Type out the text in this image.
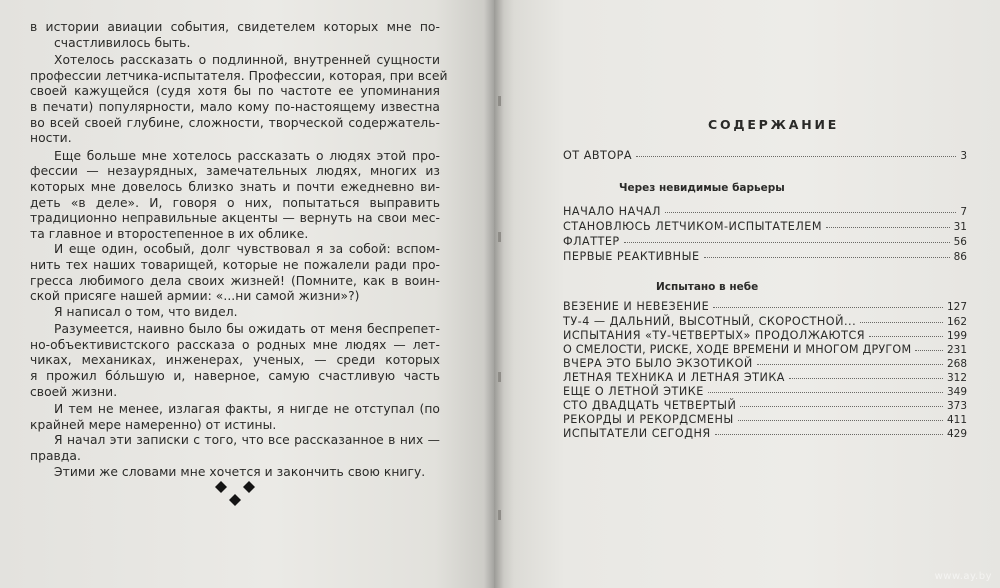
в истории авиации события, свидетелем которых мне по-
счастливилось быть.
Хотелось рассказать о подлинной, внутренней сущности
профессии летчика-испытателя. Профессии, которая, при всей
своей кажущейся (судя хотя бы по частоте ее упоминания
в печати) популярности, мало кому по-настоящему известна
во всей своей глубине, сложности, творческой содержатель-
ности.
Еще больше мне хотелось рассказать о людях этой про-
фессии — незаурядных, замечательных людях, многих из
которых мне довелось близко знать и почти ежедневно ви-
деть «в деле». И, говоря о них, попытаться выправить
традиционно неправильные акценты — вернуть на свои мес-
та главное и второстепенное в их облике.
И еще один, особый, долг чувствовал я за собой: вспом-
нить тех наших товарищей, которые не пожалели ради про-
гресса любимого дела своих жизней! (Помните, как в воин-
ской присяге нашей армии: «...ни самой жизни»?)
Я написал о том, что видел.
Разумеется, наивно было бы ожидать от меня беспрепет-
но-объективистского рассказа о родных мне людях — лет-
чиках, механиках, инженерах, ученых, — среди которых
я прожил бо́льшую и, наверное, самую счастливую часть
своей жизни.
И тем не менее, излагая факты, я нигде не отступал (по
крайней мере намеренно) от истины.
Я начал эти записки с того, что все рассказанное в них —
правда.
Этими же словами мне хочется и закончить свою книгу.
СОДЕРЖАНИЕ
ОТ АВТОРА	3
Через невидимые барьеры
НАЧАЛО НАЧАЛ	7
СТАНОВЛЮСЬ ЛЕТЧИКОМ-ИСПЫТАТЕЛЕМ	31
ФЛАТТЕР	56
ПЕРВЫЕ РЕАКТИВНЫЕ	86
Испытано в небе
ВЕЗЕНИЕ И НЕВЕЗЕНИЕ	127
ТУ-4 — ДАЛЬНИЙ, ВЫСОТНЫЙ, СКОРОСТНОЙ...	162
ИСПЫТАНИЯ «ТУ-ЧЕТВЕРТЫХ» ПРОДОЛЖАЮТСЯ	199
О СМЕЛОСТИ, РИСКЕ, ХОДЕ ВРЕМЕНИ И МНОГОМ ДРУГОМ	231
ВЧЕРА ЭТО БЫЛО ЭКЗОТИКОЙ	268
ЛЕТНАЯ ТЕХНИКА И ЛЕТНАЯ ЭТИКА	312
ЕЩЕ О ЛЕТНОЙ ЭТИКЕ	349
СТО ДВАДЦАТЬ ЧЕТВЕРТЫЙ	373
РЕКОРДЫ И РЕКОРДСМЕНЫ	411
ИСПЫТАТЕЛИ СЕГОДНЯ	429
www.ay.by
